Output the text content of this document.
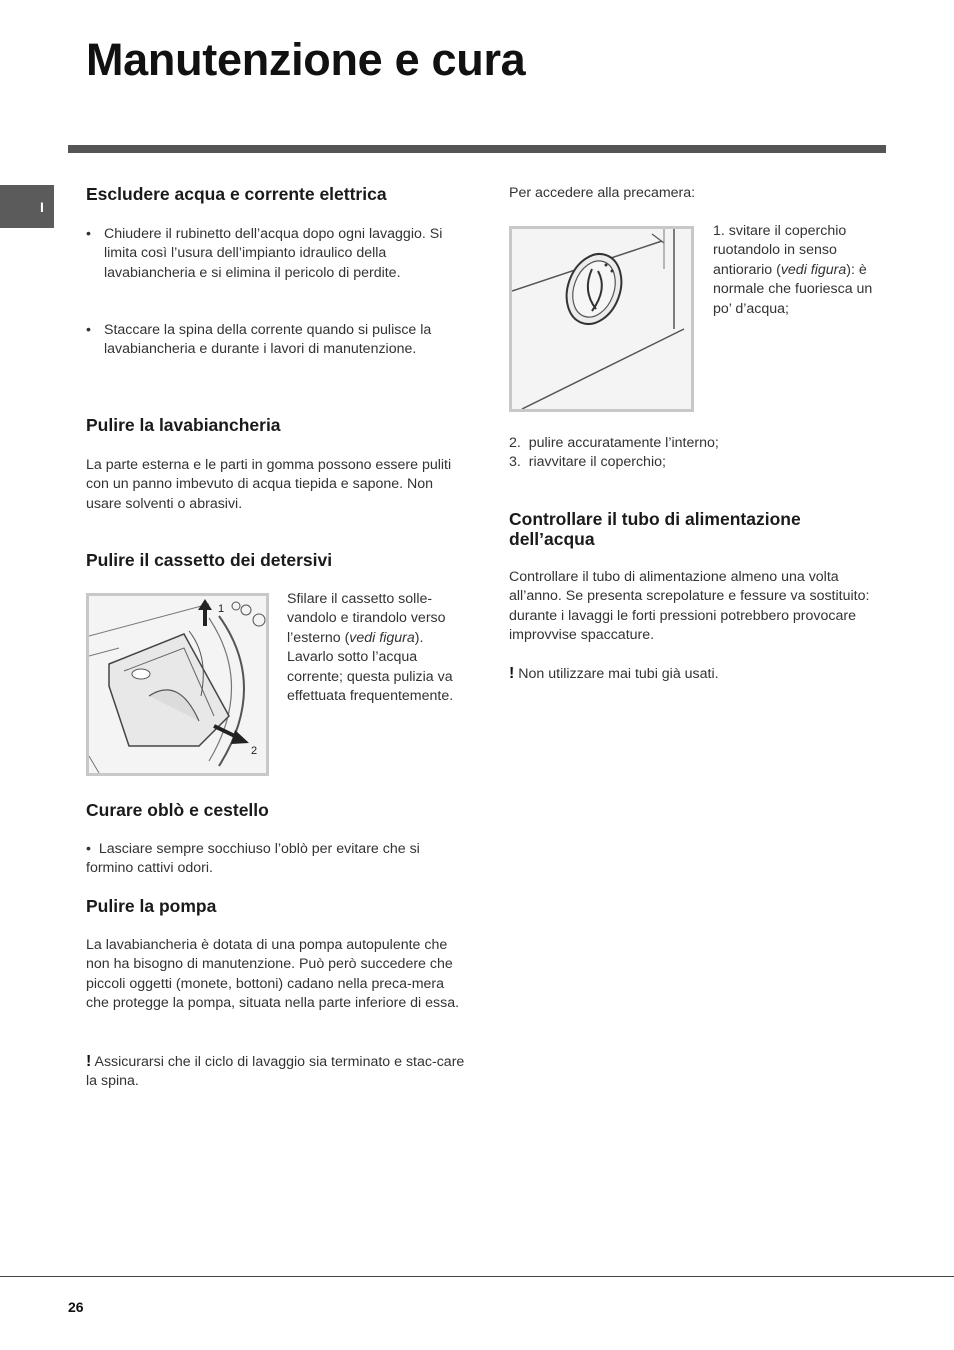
Manutenzione e cura
I
Escludere acqua e corrente elettrica
• Chiudere il rubinetto dell’acqua dopo ogni lavaggio. Si limita così l’usura dell’impianto idraulico della lavabiancheria e si elimina il pericolo di perdite.
• Staccare la spina della corrente quando si pulisce la lavabiancheria e durante i lavori di manutenzione.
Pulire la lavabiancheria

La parte esterna e le parti in gomma possono essere puliti con un panno imbevuto di acqua tiepida e sapone. Non usare solventi o abrasivi.

Pulire il cassetto dei detersivi
1
2

Sfilare il cassetto solle-vandolo e tirandolo verso l’esterno (vedi figura). Lavarlo sotto l’acqua corrente; questa pulizia va effettuata frequentemente.

Curare oblò e cestello

•  Lasciare sempre socchiuso l’oblò per evitare che si formino cattivi odori.

Pulire la pompa

La lavabiancheria è dotata di una pompa autopulente che non ha bisogno di manutenzione. Può però succedere che piccoli oggetti (monete, bottoni) cadano nella preca-mera che protegge la pompa, situata nella parte inferiore di essa.

! Assicurarsi che il ciclo di lavaggio sia terminato e stac-care la spina.

Per accedere alla precamera:

1. svitare il coperchio ruotandolo in senso antiorario (vedi figura): è normale che fuoriesca un po’ d’acqua;

2. pulire accuratamente l’interno;
3. riavvitare il coperchio;
Controllare il tubo di alimentazione dell’acqua

Controllare il tubo di alimentazione almeno una volta all’anno. Se presenta screpolature e fessure va sostituito: durante i lavaggi le forti pressioni potrebbero provocare improvvise spaccature.

! Non utilizzare mai tubi già usati.

26
